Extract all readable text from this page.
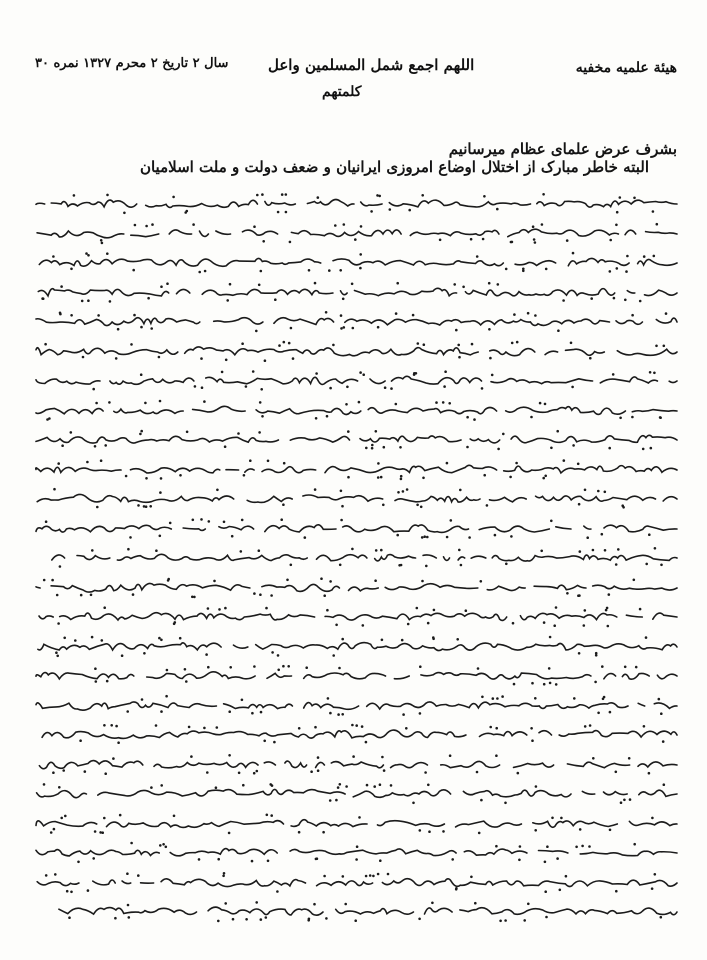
هیئة علمیه مخفیه
سال ۲ تاریخ ۲ محرم ۱۳۲۷ نمره ۳۰	اللهم اجمع شمل المسلمین واعل
کلمتهم
بشرف عرض علمای عظام میرسانیم
البته خاطر مبارک از اختلال اوضاع امروزی ایرانیان و ضعف دولت و ملت اسلامیان
